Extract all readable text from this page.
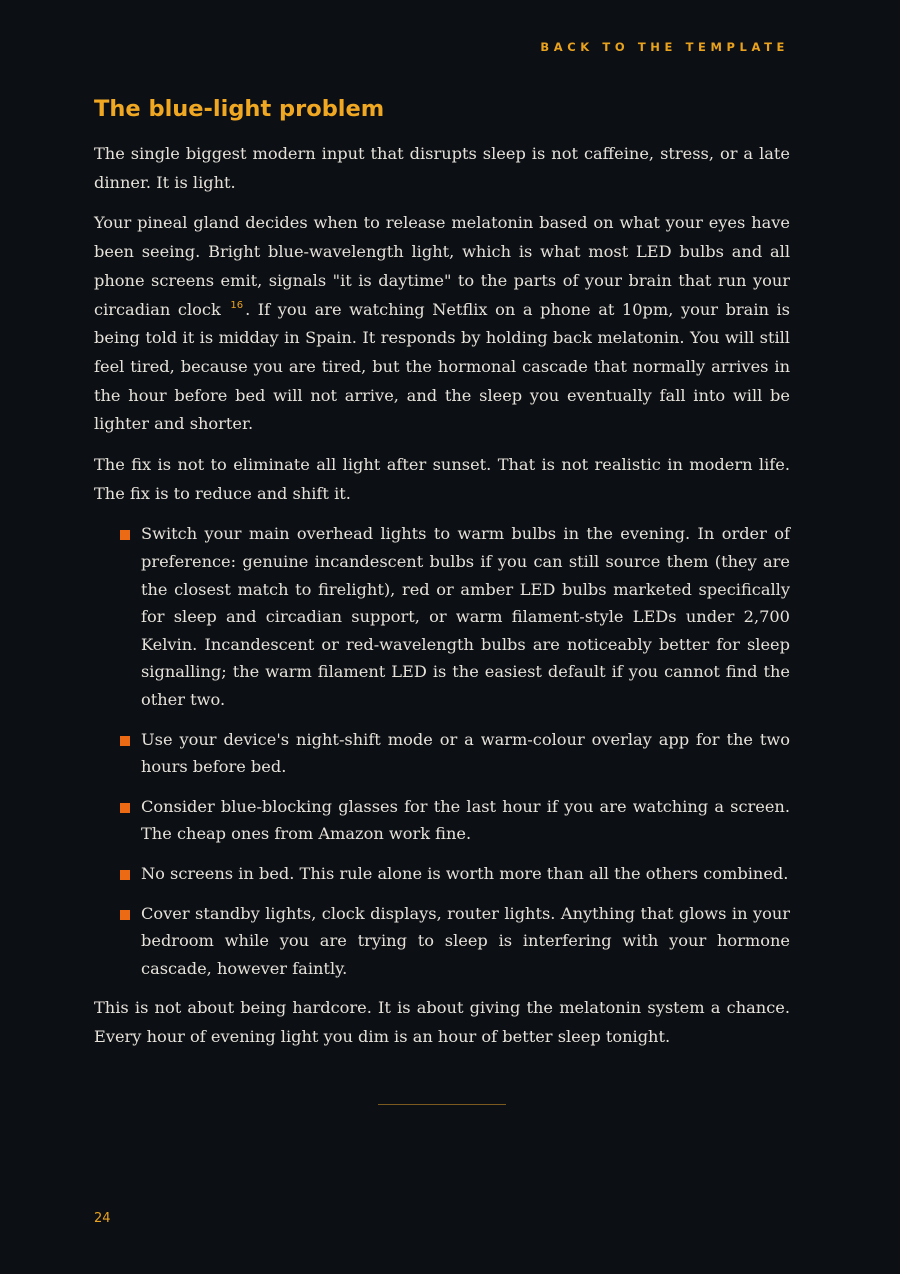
BACK TO THE TEMPLATE
The blue-light problem

The single biggest modern input that disrupts sleep is not caffeine, stress, or a late dinner. It is light.

Your pineal gland decides when to release melatonin based on what your eyes have been seeing. Bright blue-wavelength light, which is what most LED bulbs and all phone screens emit, signals "it is daytime" to the parts of your brain that run your circadian clock $^{16}$ . If you are watching Netflix on a phone at 10pm, your brain is being told it is midday in Spain. It responds by holding back melatonin. You will still feel tired, because you are tired, but the hormonal cascade that normally arrives in the hour before bed will not arrive, and the sleep you eventually fall into will be lighter and shorter.

The fix is not to eliminate all light after sunset. That is not realistic in modern life. The fix is to reduce and shift it.

Switch your main overhead lights to warm bulbs in the evening. In order of preference: genuine incandescent bulbs if you can still source them (they are the closest match to firelight), red or amber LED bulbs marketed specifically for sleep and circadian support, or warm filament-style LEDs under 2,700 Kelvin. Incandescent or red-wavelength bulbs are noticeably better for sleep signalling; the warm filament LED is the easiest default if you cannot find the other two.
Use your device's night-shift mode or a warm-colour overlay app for the two hours before bed.
Consider blue-blocking glasses for the last hour if you are watching a screen. The cheap ones from Amazon work fine.
No screens in bed. This rule alone is worth more than all the others combined.
Cover standby lights, clock displays, router lights. Anything that glows in your bedroom while you are trying to sleep is interfering with your hormone cascade, however faintly.

This is not about being hardcore. It is about giving the melatonin system a chance. Every hour of evening light you dim is an hour of better sleep tonight.

24
